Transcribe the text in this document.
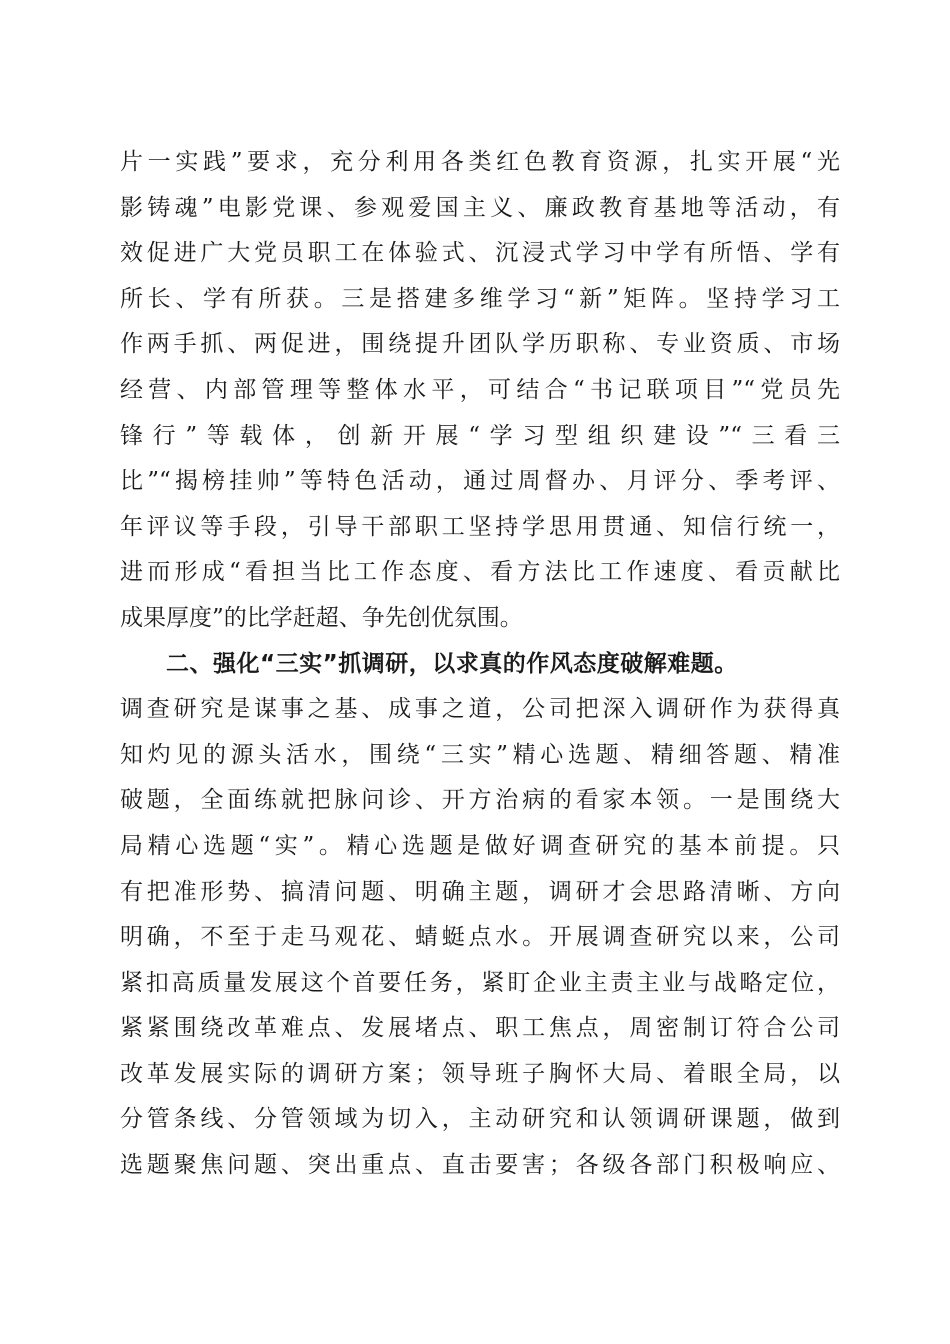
片一实践”要求，充分利用各类红色教育资源，扎实开展“光
影铸魂”电影党课、参观爱国主义、廉政教育基地等活动，有
效促进广大党员职工在体验式、沉浸式学习中学有所悟、学有
所长、学有所获。三是搭建多维学习“新”矩阵。坚持学习工
作两手抓、两促进，围绕提升团队学历职称、专业资质、市场
经营、内部管理等整体水平，可结合“书记联项目”“党员先
锋行”等载体，创新开展“学习型组织建设”“三看三
比”“揭榜挂帅”等特色活动，通过周督办、月评分、季考评、
年评议等手段，引导干部职工坚持学思用贯通、知信行统一，
进而形成“看担当比工作态度、看方法比工作速度、看贡献比
成果厚度”的比学赶超、争先创优氛围。
二、强化“三实”抓调研，以求真的作风态度破解难题。
调查研究是谋事之基、成事之道，公司把深入调研作为获得真
知灼见的源头活水，围绕“三实”精心选题、精细答题、精准
破题，全面练就把脉问诊、开方治病的看家本领。一是围绕大
局精心选题“实”。精心选题是做好调查研究的基本前提。只
有把准形势、搞清问题、明确主题，调研才会思路清晰、方向
明确，不至于走马观花、蜻蜓点水。开展调查研究以来，公司
紧扣高质量发展这个首要任务，紧盯企业主责主业与战略定位，
紧紧围绕改革难点、发展堵点、职工焦点，周密制订符合公司
改革发展实际的调研方案；领导班子胸怀大局、着眼全局，以
分管条线、分管领域为切入，主动研究和认领调研课题，做到
选题聚焦问题、突出重点、直击要害；各级各部门积极响应、
